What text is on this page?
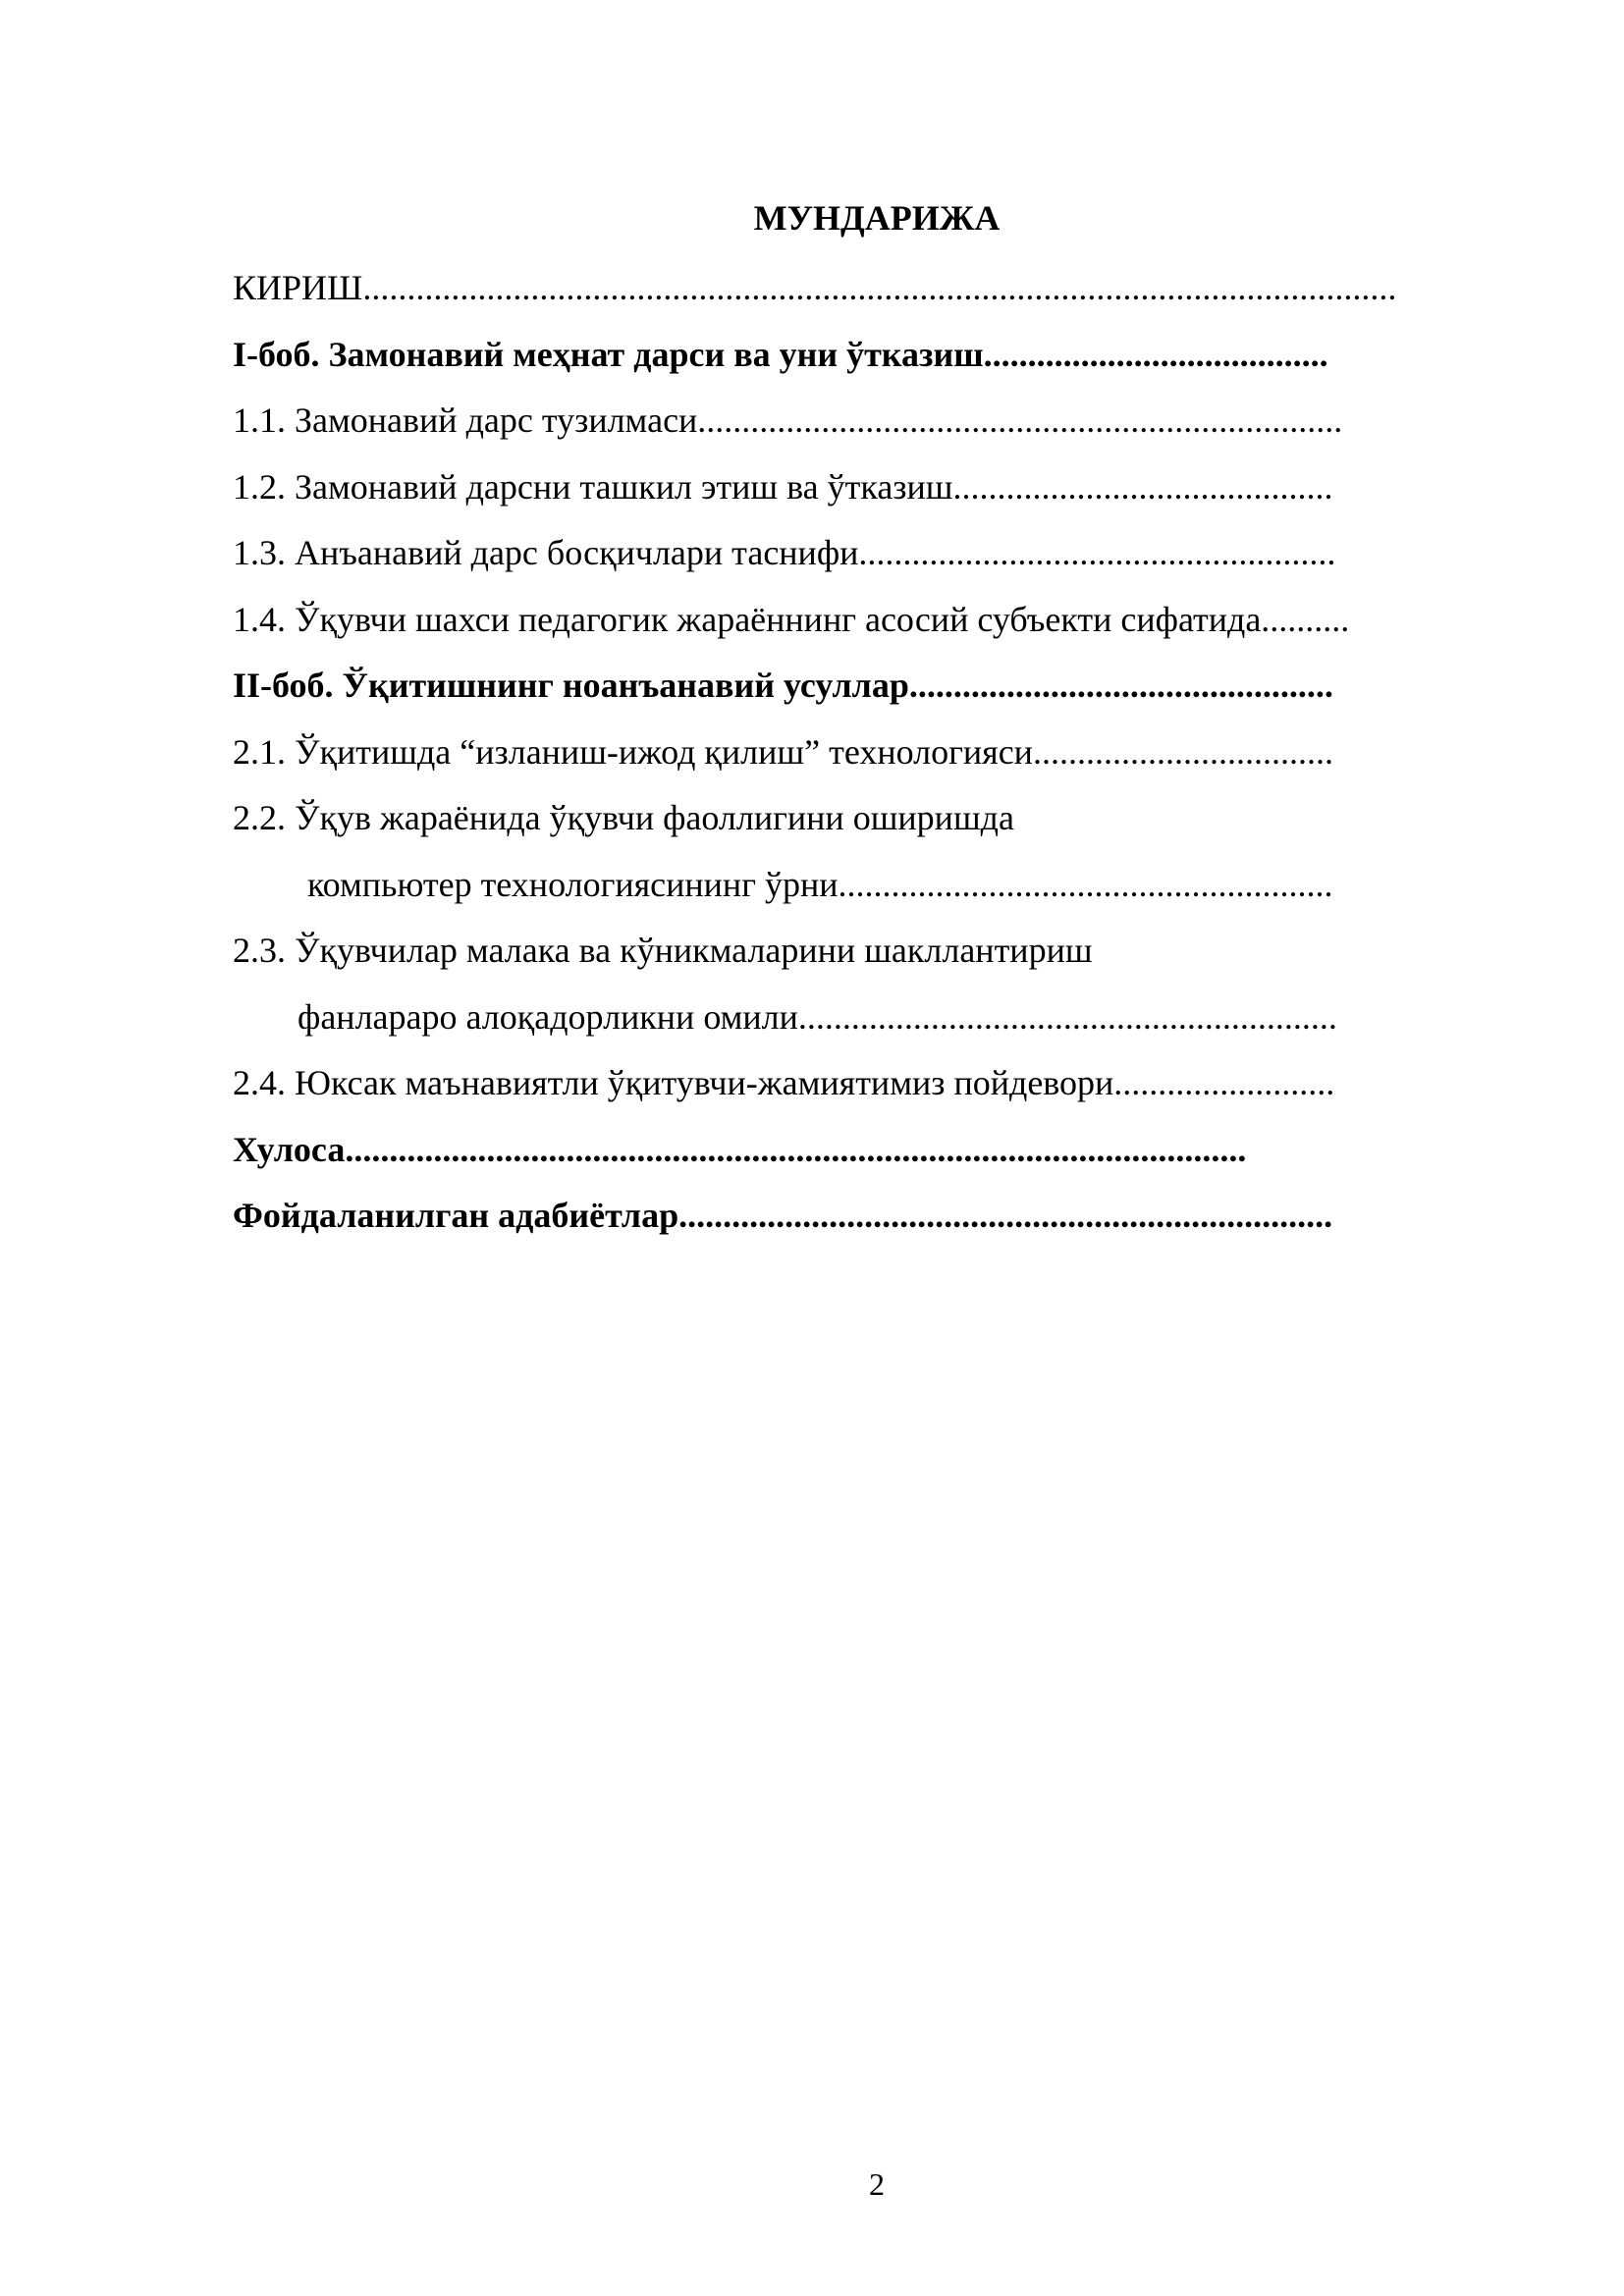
МУНДАРИЖА
КИРИШ.....................................................................................................................
I-боб. Замонавий меҳнат дарси ва уни ўтказиш.......................................
1.1. Замонавий дарс тузилмаси.........................................................................
1.2. Замонавий дарсни ташкил этиш ва ўтказиш...........................................
1.3. Анъанавий дарс босқичлари таснифи......................................................
1.4. Ўқувчи шахси педагогик жараённинг асосий субъекти сифатида..........
II-боб. Ўқитишнинг ноанъанавий усуллар................................................
2.1. Ўқитишда “изланиш-ижод қилиш” технологияси..................................
2.2. Ўқув жараёнида ўқувчи фаоллигини оширишда
компьютер технологиясининг ўрни........................................................
2.3. Ўқувчилар малака ва кўникмаларини шакллантириш
фанлараро алоқадорликни омили.............................................................
2.4. Юксак маънавиятли ўқитувчи-жамиятимиз пойдевори.........................
Хулоса......................................................................................................
Фойдаланилган адабиётлар..........................................................................
2
